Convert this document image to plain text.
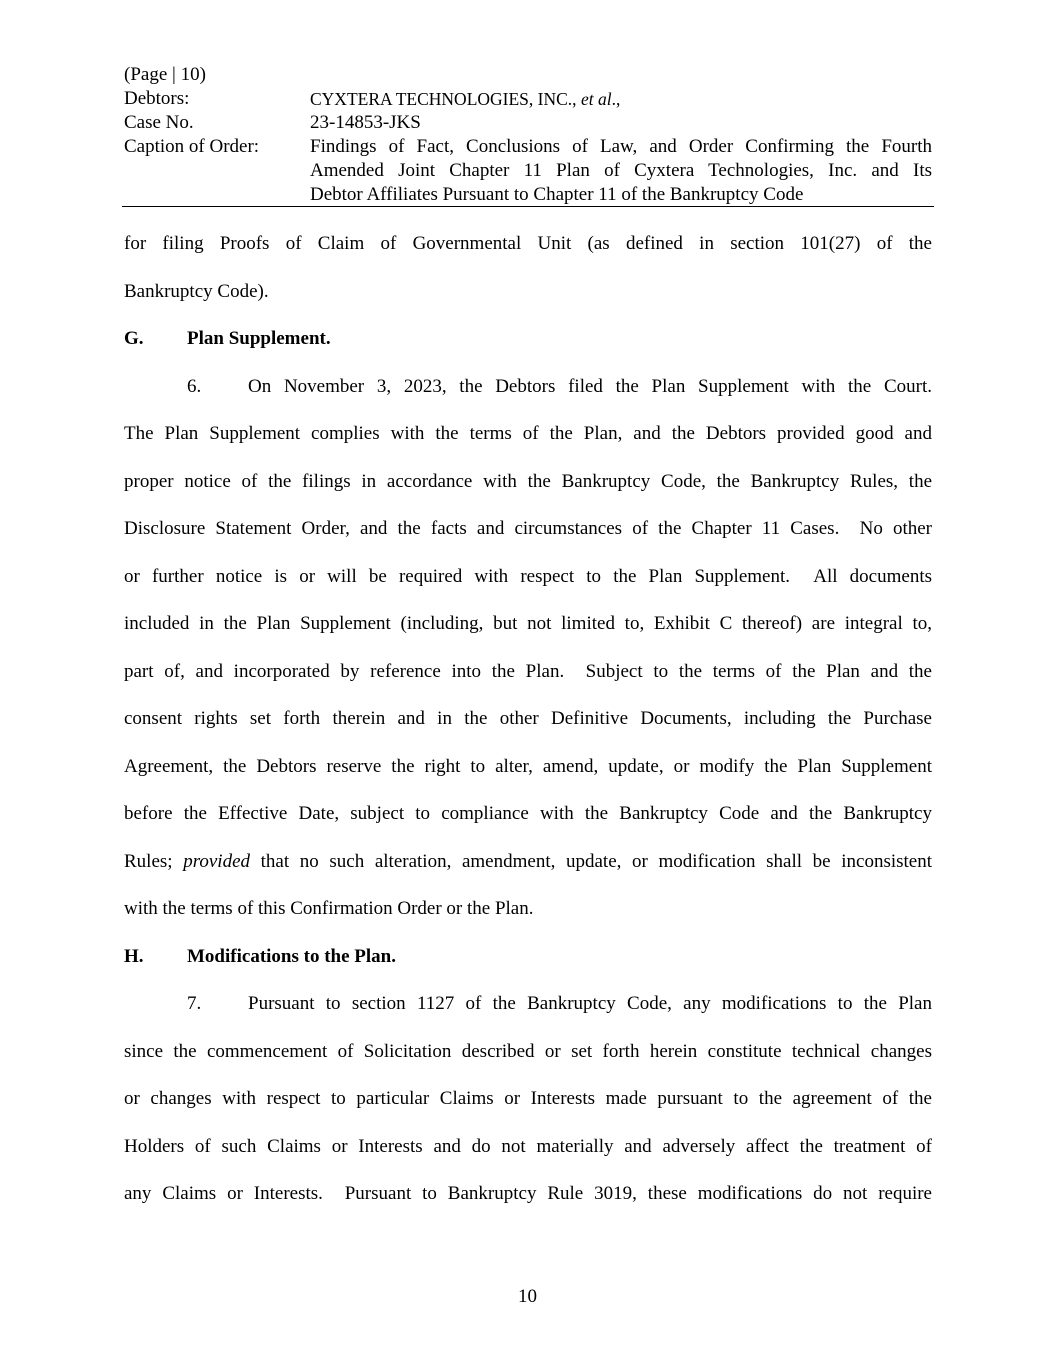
(Page | 10)
Debtors:	CYXTERA TECHNOLOGIES, INC., et al.,
Case No.	23-14853-JKS
Caption of Order:	Findings of Fact, Conclusions of Law, and Order Confirming the Fourth
Amended Joint Chapter 11 Plan of Cyxtera Technologies, Inc. and Its
Debtor Affiliates Pursuant to Chapter 11 of the Bankruptcy Code
for filing Proofs of Claim of Governmental Unit (as defined in section 101(27) of the
Bankruptcy Code).
G. Plan Supplement.
6. On November 3, 2023, the Debtors filed the Plan Supplement with the Court.
The Plan Supplement complies with the terms of the Plan, and the Debtors provided good and
proper notice of the filings in accordance with the Bankruptcy Code, the Bankruptcy Rules, the
Disclosure Statement Order, and the facts and circumstances of the Chapter 11 Cases.  No other
or further notice is or will be required with respect to the Plan Supplement.  All documents
included in the Plan Supplement (including, but not limited to, Exhibit C thereof) are integral to,
part of, and incorporated by reference into the Plan.  Subject to the terms of the Plan and the
consent rights set forth therein and in the other Definitive Documents, including the Purchase
Agreement, the Debtors reserve the right to alter, amend, update, or modify the Plan Supplement
before the Effective Date, subject to compliance with the Bankruptcy Code and the Bankruptcy
Rules; provided that no such alteration, amendment, update, or modification shall be inconsistent
with the terms of this Confirmation Order or the Plan.
H. Modifications to the Plan.
7. Pursuant to section 1127 of the Bankruptcy Code, any modifications to the Plan
since the commencement of Solicitation described or set forth herein constitute technical changes
or changes with respect to particular Claims or Interests made pursuant to the agreement of the
Holders of such Claims or Interests and do not materially and adversely affect the treatment of
any Claims or Interests.  Pursuant to Bankruptcy Rule 3019, these modifications do not require
10
